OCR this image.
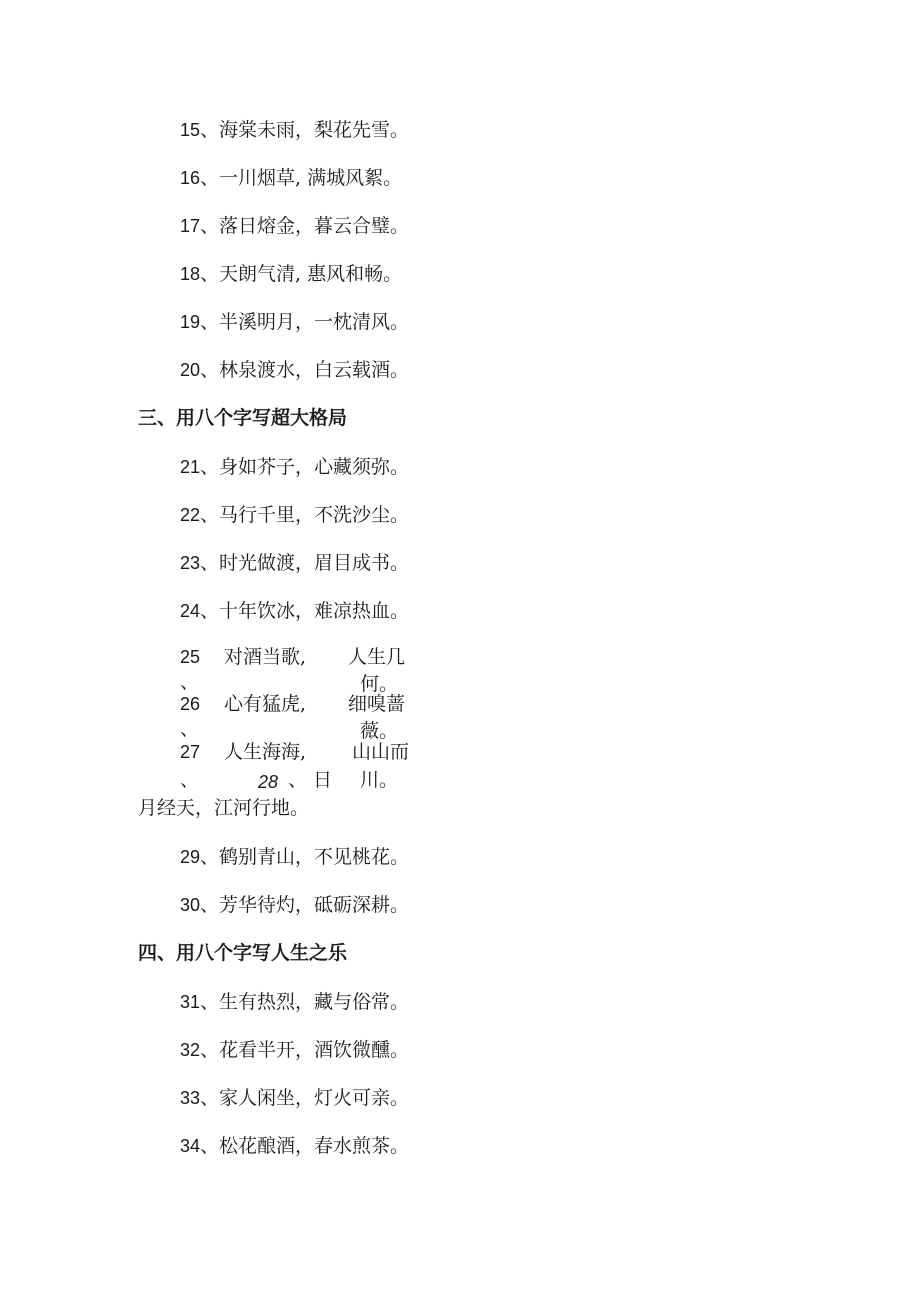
15、海棠未雨，梨花先雪。
16、一川烟草, 满城风絮。
17、落日熔金，暮云合璧。
18、天朗气清, 惠风和畅。
19、半溪明月，一枕清风。
20、林泉渡水，白云载酒。
三、用八个字写超大格局
21、身如芥子，心藏须弥。
22、马行千里，不洗沙尘。
23、时光做渡，眉目成书。
24、十年饮冰，难凉热血。
25 对酒当歌, 人生几
、	何。
26 心有猛虎, 细嗅蔷
、	薇。
27 人生海海, 山山而
、	28 、 日 川。
月经天，江河行地。
29、鹤别青山，不见桃花。
30、芳华待灼，砥砺深耕。
四、用八个字写人生之乐
31、生有热烈，藏与俗常。
32、花看半开，酒饮微醺。
33、家人闲坐，灯火可亲。
34、松花酿酒，春水煎茶。
